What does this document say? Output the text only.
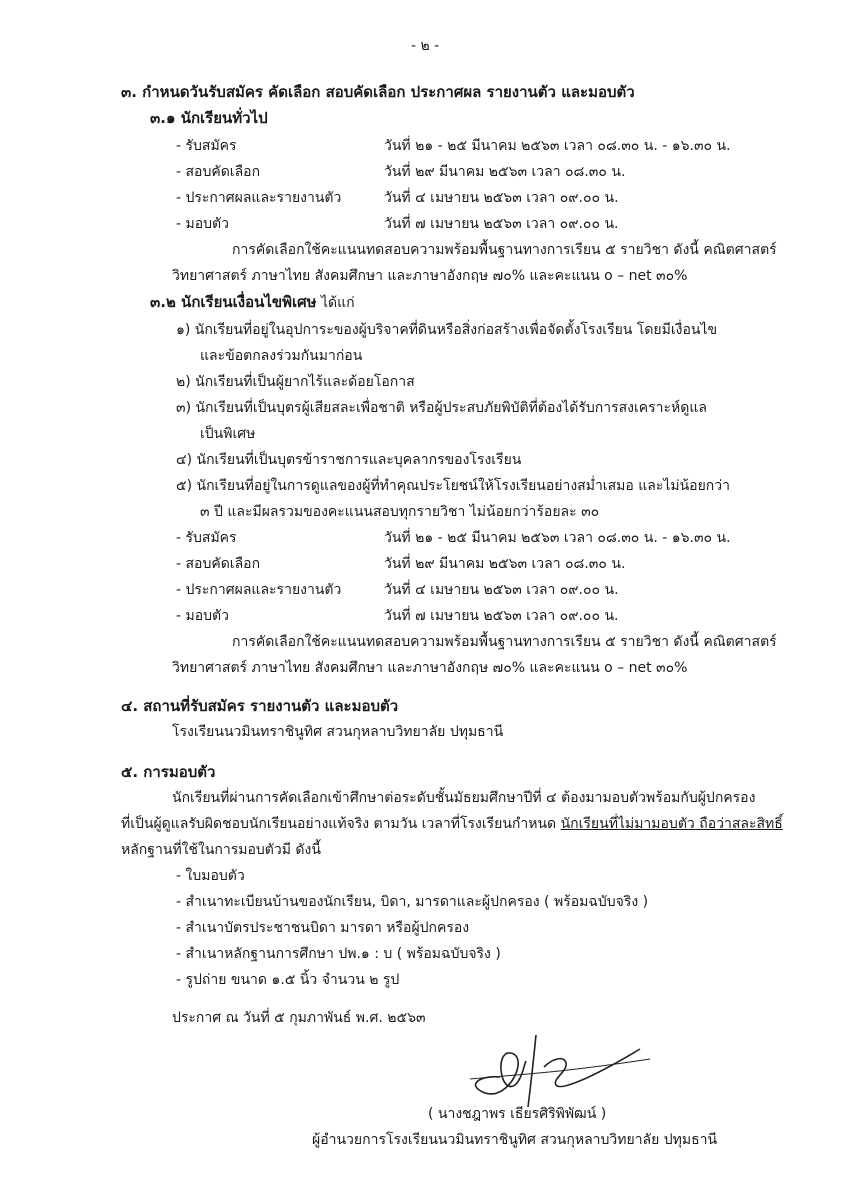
- ๒ -
๓. กำหนดวันรับสมัคร คัดเลือก สอบคัดเลือก ประกาศผล รายงานตัว และมอบตัว
๓.๑ นักเรียนทั่วไป
- รับสมัคร	วันที่ ๒๑ - ๒๕ มีนาคม ๒๕๖๓ เวลา ๐๘.๓๐ น. - ๑๖.๓๐ น.
- สอบคัดเลือก	วันที่ ๒๙ มีนาคม ๒๕๖๓ เวลา ๐๘.๓๐ น.
- ประกาศผลและรายงานตัว	วันที่ ๔ เมษายน ๒๕๖๓ เวลา ๐๙.๐๐ น.
- มอบตัว	วันที่ ๗ เมษายน ๒๕๖๓ เวลา ๐๙.๐๐ น.
การคัดเลือกใช้คะแนนทดสอบความพร้อมพื้นฐานทางการเรียน ๕ รายวิชา ดังนี้ คณิตศาสตร์
วิทยาศาสตร์ ภาษาไทย สังคมศึกษา และภาษาอังกฤษ ๗๐% และคะแนน o – net ๓๐%
๓.๒ นักเรียนเงื่อนไขพิเศษ ได้แก่
๑) นักเรียนที่อยู่ในอุปการะของผู้บริจาคที่ดินหรือสิ่งก่อสร้างเพื่อจัดตั้งโรงเรียน โดยมีเงื่อนไข
และข้อตกลงร่วมกันมาก่อน
๒) นักเรียนที่เป็นผู้ยากไร้และด้อยโอกาส
๓) นักเรียนที่เป็นบุตรผู้เสียสละเพื่อชาติ หรือผู้ประสบภัยพิบัติที่ต้องได้รับการสงเคราะห์ดูแล
เป็นพิเศษ
๔) นักเรียนที่เป็นบุตรข้าราชการและบุคลากรของโรงเรียน
๕) นักเรียนที่อยู่ในการดูแลของผู้ที่ทำคุณประโยชน์ให้โรงเรียนอย่างสม่ำเสมอ และไม่น้อยกว่า
๓ ปี และมีผลรวมของคะแนนสอบทุกรายวิชา ไม่น้อยกว่าร้อยละ ๓๐
- รับสมัคร	วันที่ ๒๑ - ๒๕ มีนาคม ๒๕๖๓ เวลา ๐๘.๓๐ น. - ๑๖.๓๐ น.
- สอบคัดเลือก	วันที่ ๒๙ มีนาคม ๒๕๖๓ เวลา ๐๘.๓๐ น.
- ประกาศผลและรายงานตัว	วันที่ ๔ เมษายน ๒๕๖๓ เวลา ๐๙.๐๐ น.
- มอบตัว	วันที่ ๗ เมษายน ๒๕๖๓ เวลา ๐๙.๐๐ น.
การคัดเลือกใช้คะแนนทดสอบความพร้อมพื้นฐานทางการเรียน ๕ รายวิชา ดังนี้ คณิตศาสตร์
วิทยาศาสตร์ ภาษาไทย สังคมศึกษา และภาษาอังกฤษ ๗๐% และคะแนน o – net ๓๐%
๔. สถานที่รับสมัคร รายงานตัว และมอบตัว
โรงเรียนนวมินทราชินูทิศ สวนกุหลาบวิทยาลัย ปทุมธานี
๕. การมอบตัว
นักเรียนที่ผ่านการคัดเลือกเข้าศึกษาต่อระดับชั้นมัธยมศึกษาปีที่ ๔ ต้องมามอบตัวพร้อมกับผู้ปกครอง
ที่เป็นผู้ดูแลรับผิดชอบนักเรียนอย่างแท้จริง ตามวัน เวลาที่โรงเรียนกำหนด นักเรียนที่ไม่มามอบตัว ถือว่าสละสิทธิ์
หลักฐานที่ใช้ในการมอบตัวมี ดังนี้
- ใบมอบตัว
- สำเนาทะเบียนบ้านของนักเรียน, บิดา, มารดาและผู้ปกครอง ( พร้อมฉบับจริง )
- สำเนาบัตรประชาชนบิดา มารดา หรือผู้ปกครอง
- สำเนาหลักฐานการศึกษา ปพ.๑ : บ ( พร้อมฉบับจริง )
- รูปถ่าย ขนาด ๑.๕ นิ้ว จำนวน ๒ รูป
ประกาศ ณ วันที่ ๕ กุมภาพันธ์ พ.ศ. ๒๕๖๓
( นางชฎาพร เธียรศิริพิพัฒน์ )
ผู้อำนวยการโรงเรียนนวมินทราชินูทิศ สวนกุหลาบวิทยาลัย ปทุมธานี
